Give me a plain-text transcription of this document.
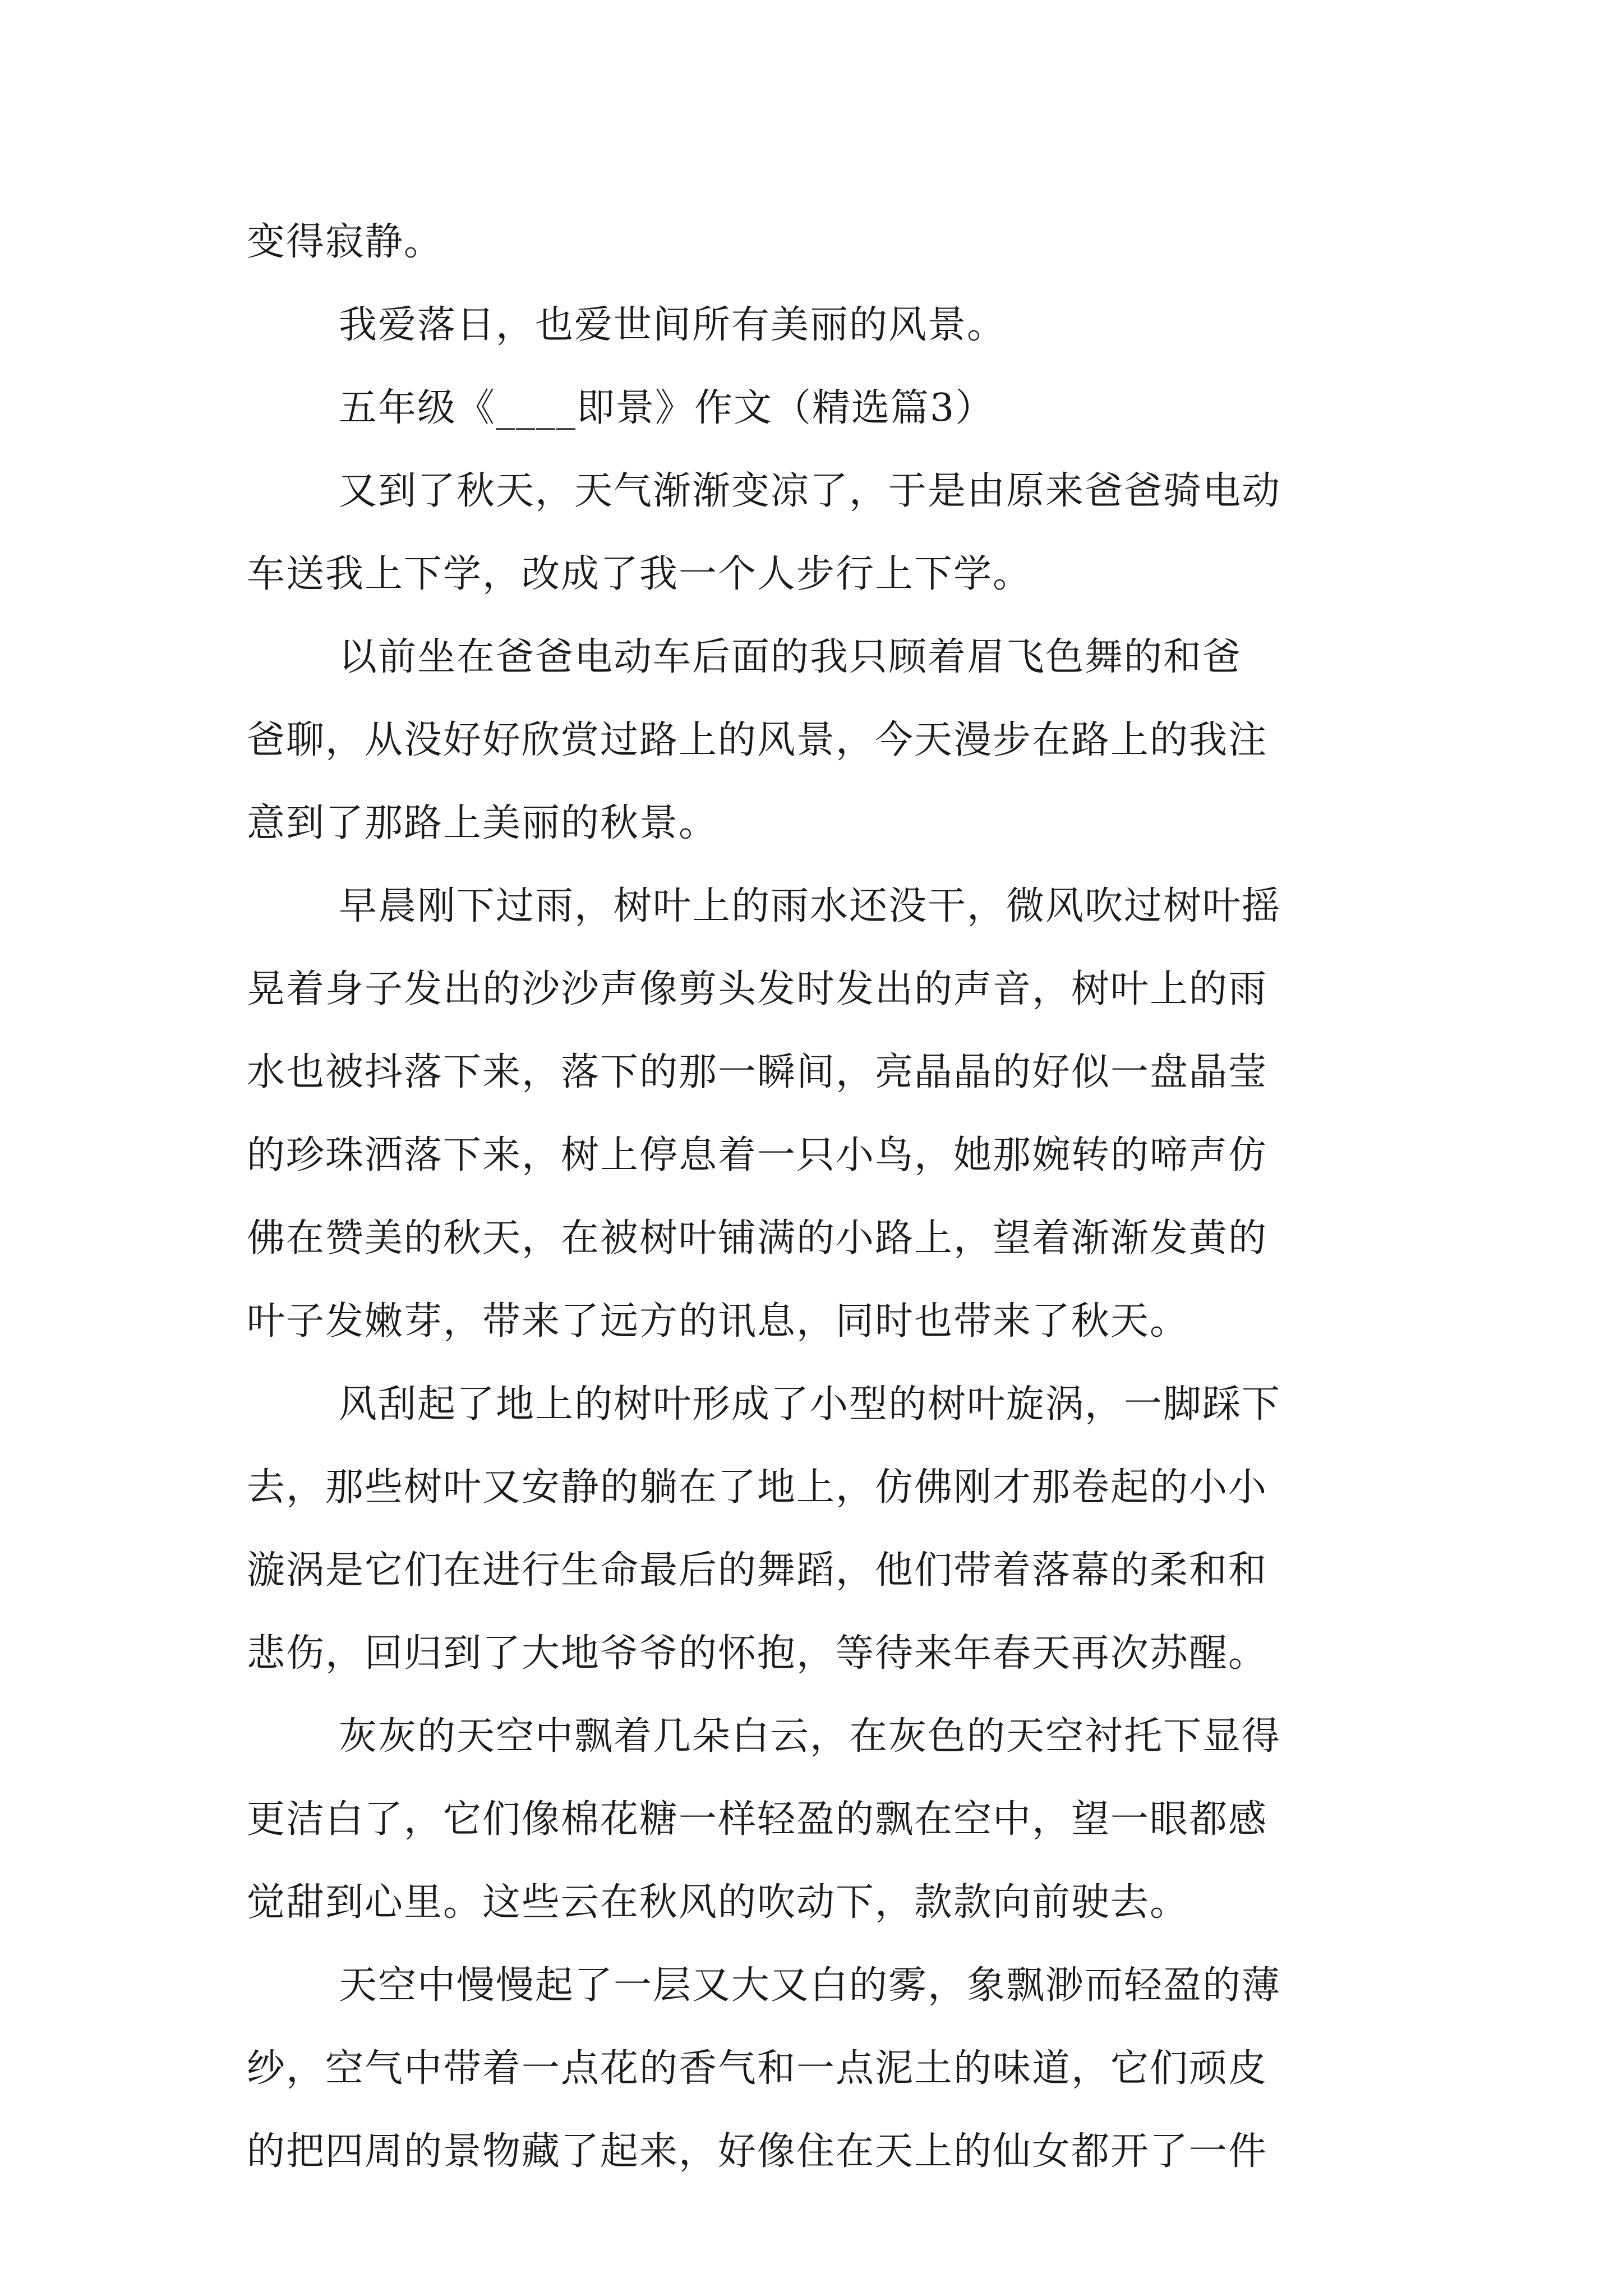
变得寂静。
我爱落日，也爱世间所有美丽的风景。
五年级《____即景》作文（精选篇3）
又到了秋天，天气渐渐变凉了，于是由原来爸爸骑电动
车送我上下学，改成了我一个人步行上下学。
以前坐在爸爸电动车后面的我只顾着眉飞色舞的和爸
爸聊，从没好好欣赏过路上的风景，今天漫步在路上的我注
意到了那路上美丽的秋景。
早晨刚下过雨，树叶上的雨水还没干，微风吹过树叶摇
晃着身子发出的沙沙声像剪头发时发出的声音，树叶上的雨
水也被抖落下来，落下的那一瞬间，亮晶晶的好似一盘晶莹
的珍珠洒落下来，树上停息着一只小鸟，她那婉转的啼声仿
佛在赞美的秋天，在被树叶铺满的小路上，望着渐渐发黄的
叶子发嫩芽，带来了远方的讯息，同时也带来了秋天。
风刮起了地上的树叶形成了小型的树叶旋涡，一脚踩下
去，那些树叶又安静的躺在了地上，仿佛刚才那卷起的小小
漩涡是它们在进行生命最后的舞蹈，他们带着落幕的柔和和
悲伤，回归到了大地爷爷的怀抱，等待来年春天再次苏醒。
灰灰的天空中飘着几朵白云，在灰色的天空衬托下显得
更洁白了，它们像棉花糖一样轻盈的飘在空中，望一眼都感
觉甜到心里。这些云在秋风的吹动下，款款向前驶去。
天空中慢慢起了一层又大又白的雾，象飘渺而轻盈的薄
纱，空气中带着一点花的香气和一点泥土的味道，它们顽皮
的把四周的景物藏了起来，好像住在天上的仙女都开了一件
